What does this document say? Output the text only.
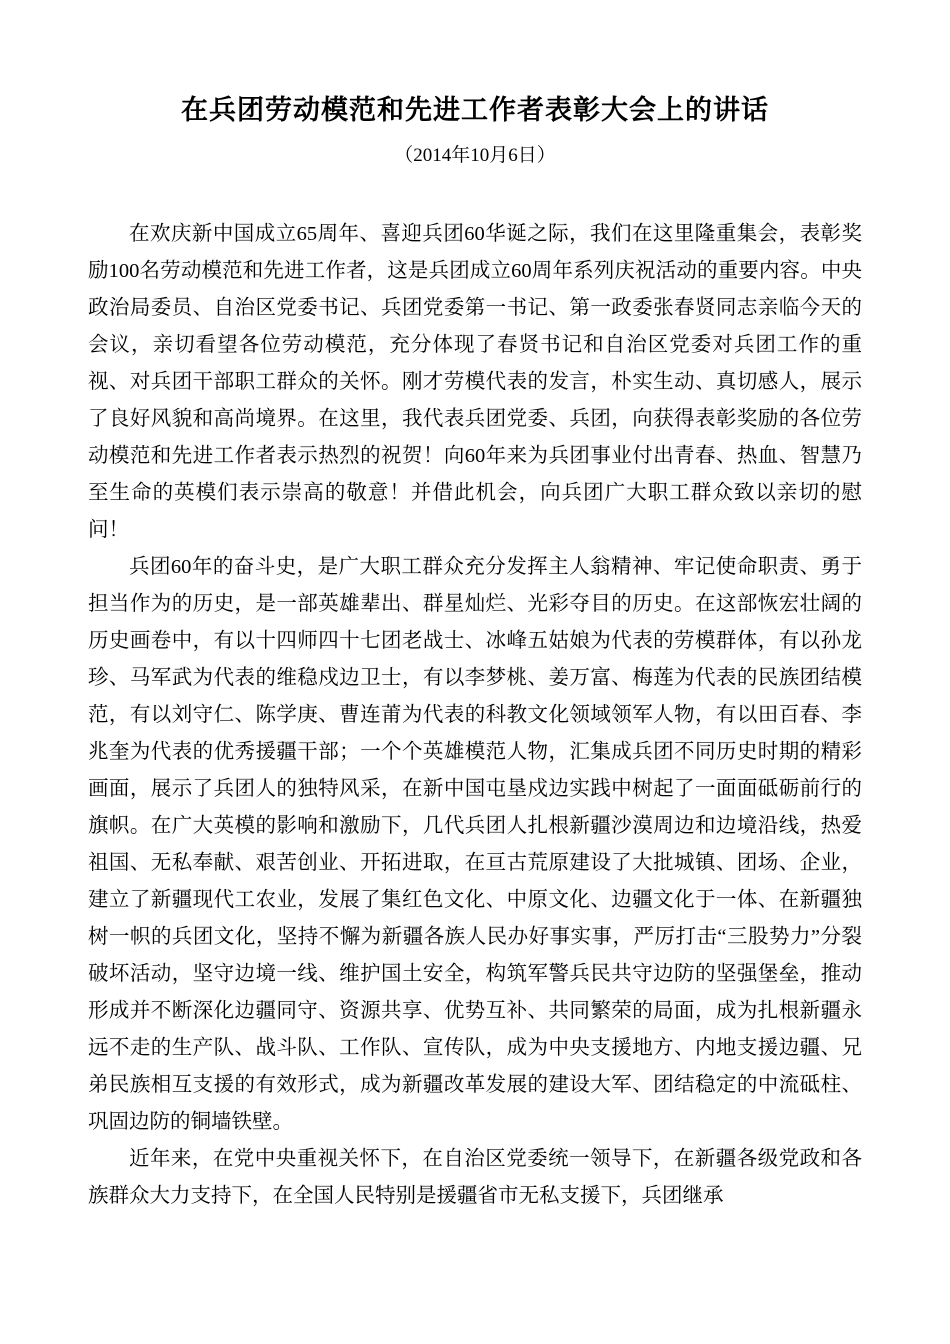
在兵团劳动模范和先进工作者表彰大会上的讲话
（2014年10月6日）

在欢庆新中国成立65周年、喜迎兵团60华诞之际，我们在这里隆重集会，表彰奖励100名劳动模范和先进工作者，这是兵团成立60周年系列庆祝活动的重要内容。中央政治局委员、自治区党委书记、兵团党委第一书记、第一政委张春贤同志亲临今天的会议，亲切看望各位劳动模范，充分体现了春贤书记和自治区党委对兵团工作的重视、对兵团干部职工群众的关怀。刚才劳模代表的发言，朴实生动、真切感人，展示了良好风貌和高尚境界。在这里，我代表兵团党委、兵团，向获得表彰奖励的各位劳动模范和先进工作者表示热烈的祝贺！向60年来为兵团事业付出青春、热血、智慧乃至生命的英模们表示崇高的敬意！并借此机会，向兵团广大职工群众致以亲切的慰问！

兵团60年的奋斗史，是广大职工群众充分发挥主人翁精神、牢记使命职责、勇于担当作为的历史，是一部英雄辈出、群星灿烂、光彩夺目的历史。在这部恢宏壮阔的历史画卷中，有以十四师四十七团老战士、冰峰五姑娘为代表的劳模群体，有以孙龙珍、马军武为代表的维稳戍边卫士，有以李梦桃、姜万富、梅莲为代表的民族团结模范，有以刘守仁、陈学庚、曹连莆为代表的科教文化领域领军人物，有以田百春、李兆奎为代表的优秀援疆干部；一个个英雄模范人物，汇集成兵团不同历史时期的精彩画面，展示了兵团人的独特风采，在新中国屯垦戍边实践中树起了一面面砥砺前行的旗帜。在广大英模的影响和激励下，几代兵团人扎根新疆沙漠周边和边境沿线，热爱祖国、无私奉献、艰苦创业、开拓进取，在亘古荒原建设了大批城镇、团场、企业，建立了新疆现代工农业，发展了集红色文化、中原文化、边疆文化于一体、在新疆独树一帜的兵团文化，坚持不懈为新疆各族人民办好事实事，严厉打击“三股势力”分裂破坏活动，坚守边境一线、维护国土安全，构筑军警兵民共守边防的坚强堡垒，推动形成并不断深化边疆同守、资源共享、优势互补、共同繁荣的局面，成为扎根新疆永远不走的生产队、战斗队、工作队、宣传队，成为中央支援地方、内地支援边疆、兄弟民族相互支援的有效形式，成为新疆改革发展的建设大军、团结稳定的中流砥柱、巩固边防的铜墙铁壁。

近年来，在党中央重视关怀下，在自治区党委统一领导下，在新疆各级党政和各族群众大力支持下，在全国人民特别是援疆省市无私支援下，兵团继承
